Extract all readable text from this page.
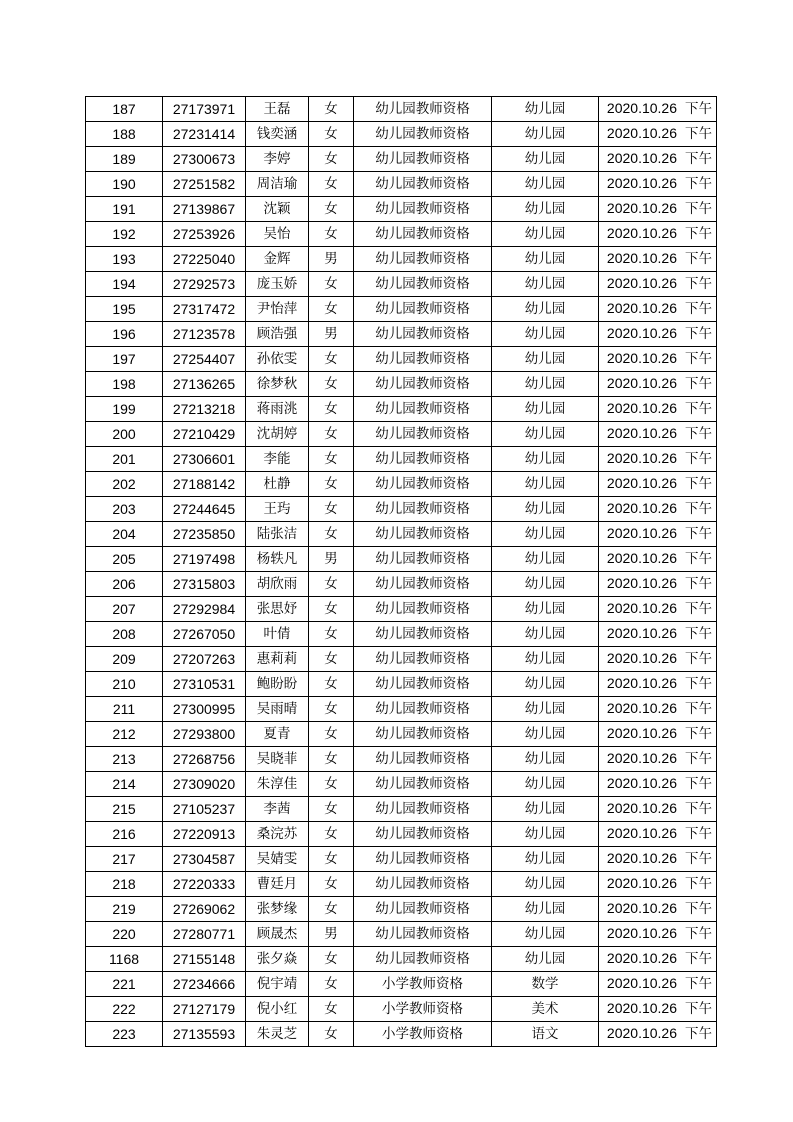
187	27173971	王磊	女	幼儿园教师资格	幼儿园	2020.10.26 下午
188	27231414	钱奕涵	女	幼儿园教师资格	幼儿园	2020.10.26 下午
189	27300673	李婷	女	幼儿园教师资格	幼儿园	2020.10.26 下午
190	27251582	周洁瑜	女	幼儿园教师资格	幼儿园	2020.10.26 下午
191	27139867	沈颖	女	幼儿园教师资格	幼儿园	2020.10.26 下午
192	27253926	吴怡	女	幼儿园教师资格	幼儿园	2020.10.26 下午
193	27225040	金辉	男	幼儿园教师资格	幼儿园	2020.10.26 下午
194	27292573	庞玉娇	女	幼儿园教师资格	幼儿园	2020.10.26 下午
195	27317472	尹怡萍	女	幼儿园教师资格	幼儿园	2020.10.26 下午
196	27123578	顾浩强	男	幼儿园教师资格	幼儿园	2020.10.26 下午
197	27254407	孙依雯	女	幼儿园教师资格	幼儿园	2020.10.26 下午
198	27136265	徐梦秋	女	幼儿园教师资格	幼儿园	2020.10.26 下午
199	27213218	蒋雨洮	女	幼儿园教师资格	幼儿园	2020.10.26 下午
200	27210429	沈胡婷	女	幼儿园教师资格	幼儿园	2020.10.26 下午
201	27306601	李能	女	幼儿园教师资格	幼儿园	2020.10.26 下午
202	27188142	杜静	女	幼儿园教师资格	幼儿园	2020.10.26 下午
203	27244645	王玙	女	幼儿园教师资格	幼儿园	2020.10.26 下午
204	27235850	陆张洁	女	幼儿园教师资格	幼儿园	2020.10.26 下午
205	27197498	杨轶凡	男	幼儿园教师资格	幼儿园	2020.10.26 下午
206	27315803	胡欣雨	女	幼儿园教师资格	幼儿园	2020.10.26 下午
207	27292984	张思妤	女	幼儿园教师资格	幼儿园	2020.10.26 下午
208	27267050	叶倩	女	幼儿园教师资格	幼儿园	2020.10.26 下午
209	27207263	惠莉莉	女	幼儿园教师资格	幼儿园	2020.10.26 下午
210	27310531	鲍盼盼	女	幼儿园教师资格	幼儿园	2020.10.26 下午
211	27300995	吴雨晴	女	幼儿园教师资格	幼儿园	2020.10.26 下午
212	27293800	夏青	女	幼儿园教师资格	幼儿园	2020.10.26 下午
213	27268756	吴晓菲	女	幼儿园教师资格	幼儿园	2020.10.26 下午
214	27309020	朱淳佳	女	幼儿园教师资格	幼儿园	2020.10.26 下午
215	27105237	李茜	女	幼儿园教师资格	幼儿园	2020.10.26 下午
216	27220913	桑浣苏	女	幼儿园教师资格	幼儿园	2020.10.26 下午
217	27304587	吴婧雯	女	幼儿园教师资格	幼儿园	2020.10.26 下午
218	27220333	曹廷月	女	幼儿园教师资格	幼儿园	2020.10.26 下午
219	27269062	张梦缘	女	幼儿园教师资格	幼儿园	2020.10.26 下午
220	27280771	顾晟杰	男	幼儿园教师资格	幼儿园	2020.10.26 下午
1168	27155148	张夕焱	女	幼儿园教师资格	幼儿园	2020.10.26 下午
221	27234666	倪宇靖	女	小学教师资格	数学	2020.10.26 下午
222	27127179	倪小红	女	小学教师资格	美术	2020.10.26 下午
223	27135593	朱灵芝	女	小学教师资格	语文	2020.10.26 下午
